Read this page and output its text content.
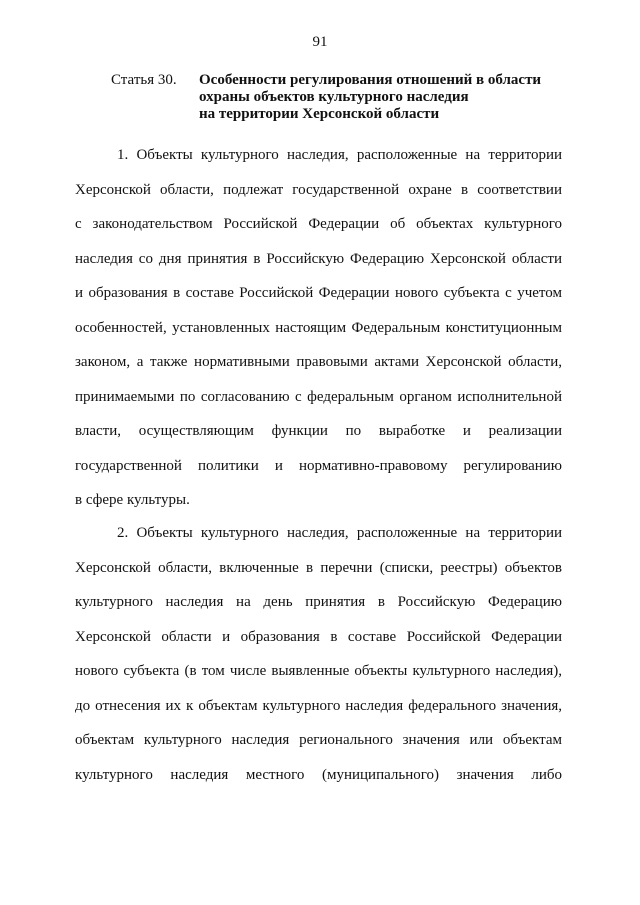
91
Статья 30. Особенности регулирования отношений в области
охраны объектов культурного наследия
на территории Херсонской области
1. Объекты культурного наследия, расположенные на территории
Херсонской области, подлежат государственной охране в соответствии
с законодательством Российской Федерации об объектах культурного
наследия со дня принятия в Российскую Федерацию Херсонской области
и образования в составе Российской Федерации нового субъекта с учетом
особенностей, установленных настоящим Федеральным конституционным
законом, а также нормативными правовыми актами Херсонской области,
принимаемыми по согласованию с федеральным органом исполнительной
власти, осуществляющим функции по выработке и реализации
государственной политики и нормативно-правовому регулированию
в сфере культуры.
2. Объекты культурного наследия, расположенные на территории
Херсонской области, включенные в перечни (списки, реестры) объектов
культурного наследия на день принятия в Российскую Федерацию
Херсонской области и образования в составе Российской Федерации
нового субъекта (в том числе выявленные объекты культурного наследия),
до отнесения их к объектам культурного наследия федерального значения,
объектам культурного наследия регионального значения или объектам
культурного наследия местного (муниципального) значения либо
